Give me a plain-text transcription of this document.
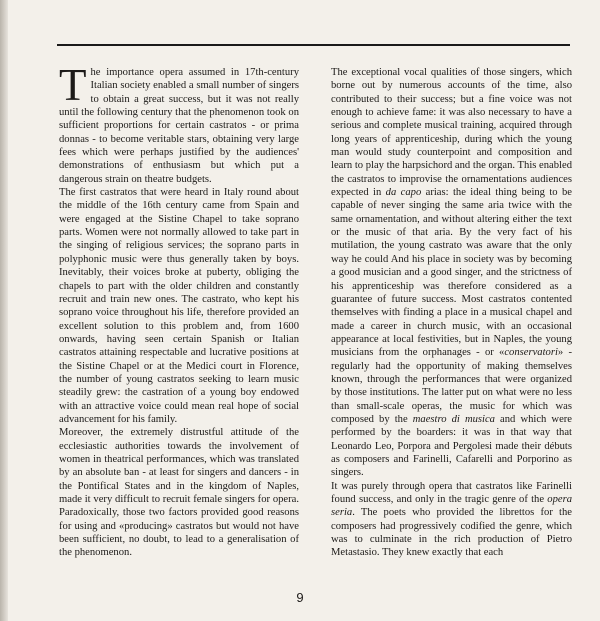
The importance opera assumed in 17th-century Italian society enabled a small number of singers to obtain a great success, but it was not really until the following century that the phenomenon took on sufficient proportions for certain castratos - or prima donnas - to become veritable stars, obtaining very large fees which were perhaps justified by the audiences' demonstrations of enthusiasm but which put a dangerous strain on theatre budgets.

The first castratos that were heard in Italy round about the middle of the 16th century came from Spain and were engaged at the Sistine Chapel to take soprano parts. Women were not normally allowed to take part in the singing of religious services; the soprano parts in polyphonic music were thus generally taken by boys. Inevitably, their voices broke at puberty, obliging the chapels to part with the older children and constantly recruit and train new ones. The castrato, who kept his soprano voice throughout his life, therefore provided an excellent solution to this problem and, from 1600 onwards, having seen certain Spanish or Italian castratos attaining respectable and lucrative positions at the Sistine Chapel or at the Medici court in Florence, the number of young castratos seeking to learn music steadily grew: the castration of a young boy endowed with an attractive voice could mean real hope of social advancement for his family.

Moreover, the extremely distrustful attitude of the ecclesiastic authorities towards the involvement of women in theatrical performances, which was translated by an absolute ban - at least for singers and dancers - in the Pontifical States and in the kingdom of Naples, made it very difficult to recruit female singers for opera. Paradoxically, those two factors provided good reasons for using and «producing» castratos but would not have been sufficient, no doubt, to lead to a generalisation of the phenomenon.

The exceptional vocal qualities of those singers, which borne out by numerous accounts of the time, also contributed to their success; but a fine voice was not enough to achieve fame: it was also necessary to have a serious and complete musical training, acquired through long years of apprenticeship, during which the young man would study counterpoint and composition and learn to play the harpsichord and the organ. This enabled the castratos to improvise the ornamentations audiences expected in da capo arias: the ideal thing being to be capable of never singing the same aria twice with the same ornamentation, and without altering either the text or the music of that aria. By the very fact of his mutilation, the young castrato was aware that the only way he could And his place in society was by becoming a good musician and a good singer, and the strictness of his apprenticeship was therefore considered as a guarantee of future success. Most castratos contented themselves with finding a place in a musical chapel and made a career in church music, with an occasional appearance at local festivities, but in Naples, the young musicians from the orphanages - or «conservatori» - regularly had the opportunity of making themselves known, through the performances that were organized by those institutions. The latter put on what were no less than small-scale operas, the music for which was composed by the maestro di musica and which were performed by the boarders: it was in that way that Leonardo Leo, Porpora and Pergolesi made their débuts as composers and Farinelli, Cafarelli and Porporino as singers.

It was purely through opera that castratos like Farinelli found success, and only in the tragic genre of the opera seria. The poets who provided the librettos for the composers had progressively codified the genre, which was to culminate in the rich production of Pietro Metastasio. They knew exactly that each

9
